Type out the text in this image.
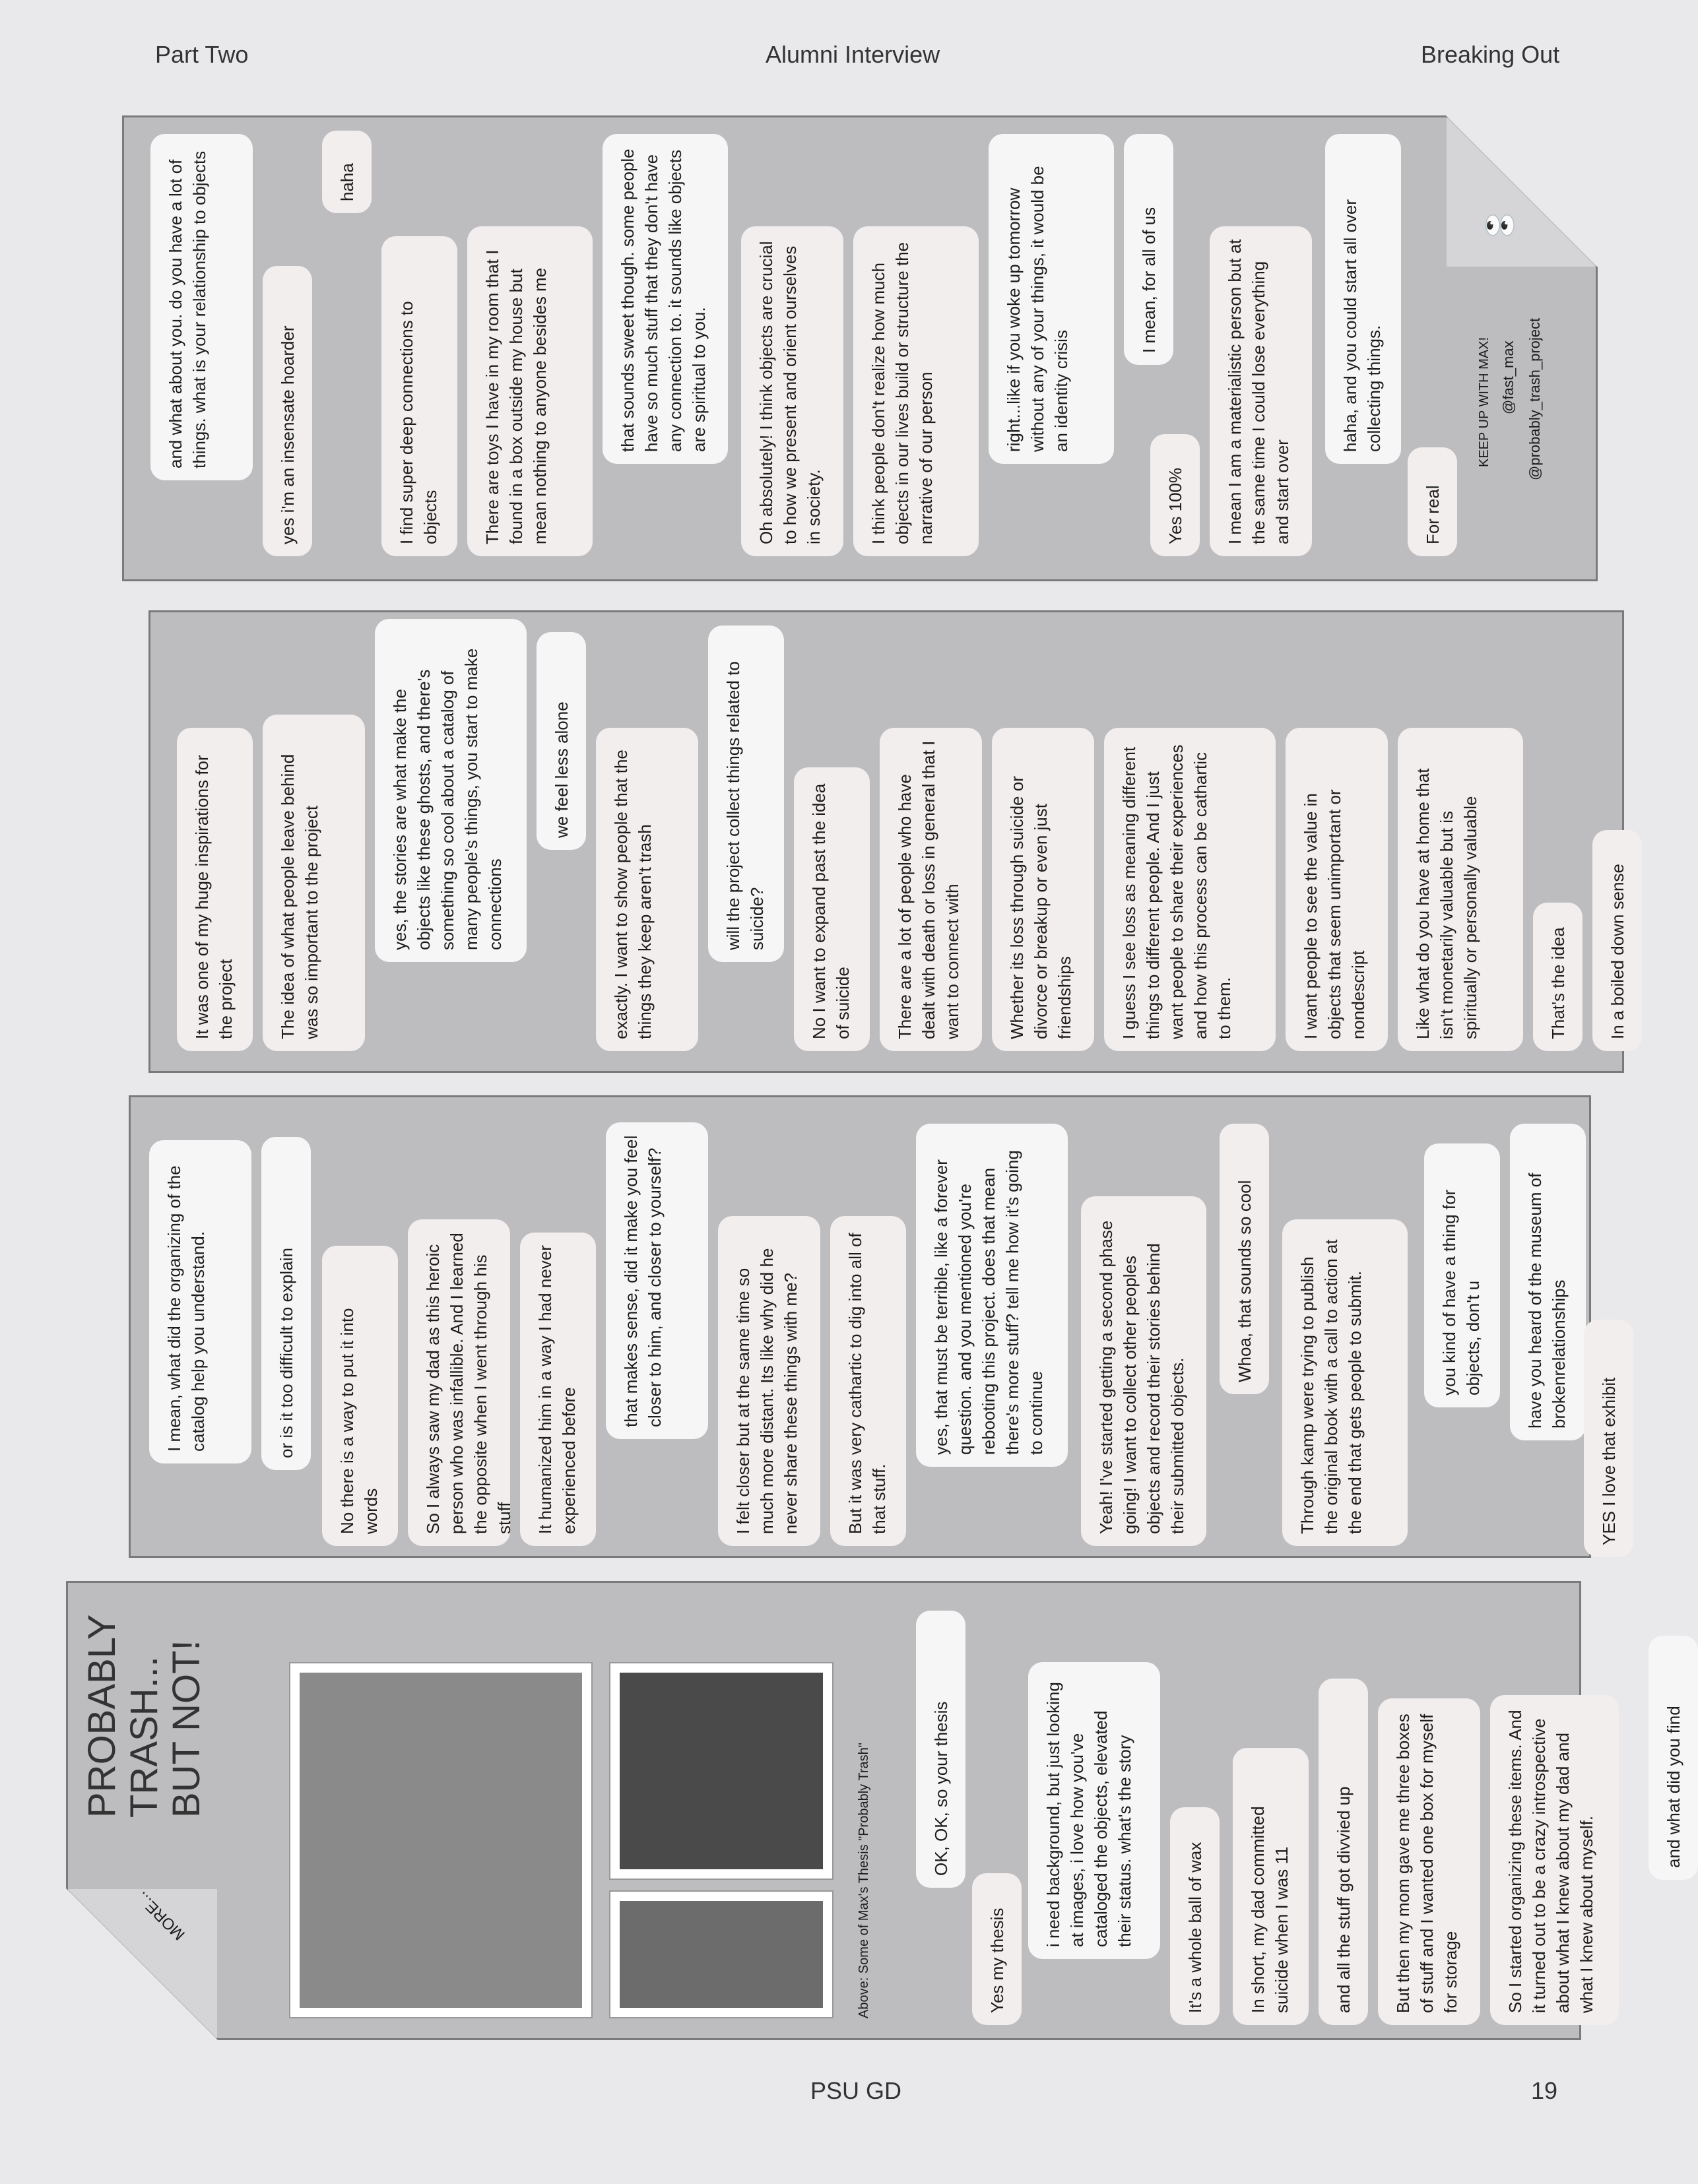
Part Two	Alumni Interview	Breaking Out
MORE...
PROBABLY TRASH... BUT NOT!
Above: Some of Max's Thesis "Probably Trash"	OK, OK, so your thesis
Yes my thesis
i need background, but just looking at images, i love how you've cataloged the objects, elevated their status. what's the story	It's a whole ball of wax	In short, my dad committed suicide when I was 11	and all the stuff got divvied up	But then my mom gave me three boxes of stuff and I wanted one box for myself for storage	So I started organizing these items. And it turned out to be a crazy introspective about what I knew about my dad and what I knew about myself.
and what did you find
I mean, what did the organizing of the catalog help you understand.	or is it too difficult to explain	No there is a way to put it into words	So I always saw my dad as this heroic person who was infallible. And I learned the opposite when I went through his stuff	It humanized him in a way I had never experienced before
that makes sense, did it make you feel closer to him, and closer to yourself?	I felt closer but at the same time so much more distant. Its like why did he never share these things with me?	But it was very cathartic to dig into all of that stuff.
yes, that must be terrible, like a forever question. and you mentioned you're rebooting this project. does that mean there's more stuff? tell me how it's going to continue	Yeah! I've started getting a second phase going! I want to collect other peoples objects and record their stories behind their submitted objects.
Whoa, that sounds so cool	Through kamp were trying to publish the original book with a call to action at the end that gets people to submit.	you kind of have a thing for objects, don't u	have you heard of the museum of brokenrelationships
YES I love that exhibit
It was one of my huge inspirations for the project	The idea of what people leave behind was so important to the project	yes, the stories are what make the objects like these ghosts, and there's something so cool about a catalog of many people's things, you start to make connections
we feel less alone	exactly. I want to show people that the things they keep aren't trash	will the project collect things related to suicide?	No I want to expand past the idea of suicide	There are a lot of people who have dealt with death or loss in general that I want to connect with	Whether its loss through suicide or divorce or breakup or even just friendships	I guess I see loss as meaning different things to different people. And I just want people to share their experiences and how this process can be cathartic to them.	I want people to see the value in objects that seem unimportant or nondescript	Like what do you have at home that isn't monetarily valuable but is spiritually or personally valuable	That's the idea	In a boiled down sense
👀
and what about you. do you have a lot of things. what is your relationship to objects	yes i'm an insensate hoarder
haha
I find super deep connections to objects	There are toys I have in my room that I found in a box outside my house but mean nothing to anyone besides me	that sounds sweet though. some people have so much stuff that they don't have any connection to. it sounds like objects are spiritual to you.	Oh absolutely! I think objects are crucial to how we present and orient ourselves in society.	I think people don't realize how much objects in our lives build or structure the narrative of our person
right...like if you woke up tomorrow without any of your things, it would be an identity crisis
I mean, for all of us
Yes 100%	I mean I am a materialistic person but at the same time I could lose everything and start over
haha, and you could start all over collecting things.
For real
KEEP UP WITH MAX! @fast_max @probably_trash_project
PSU GD	19
